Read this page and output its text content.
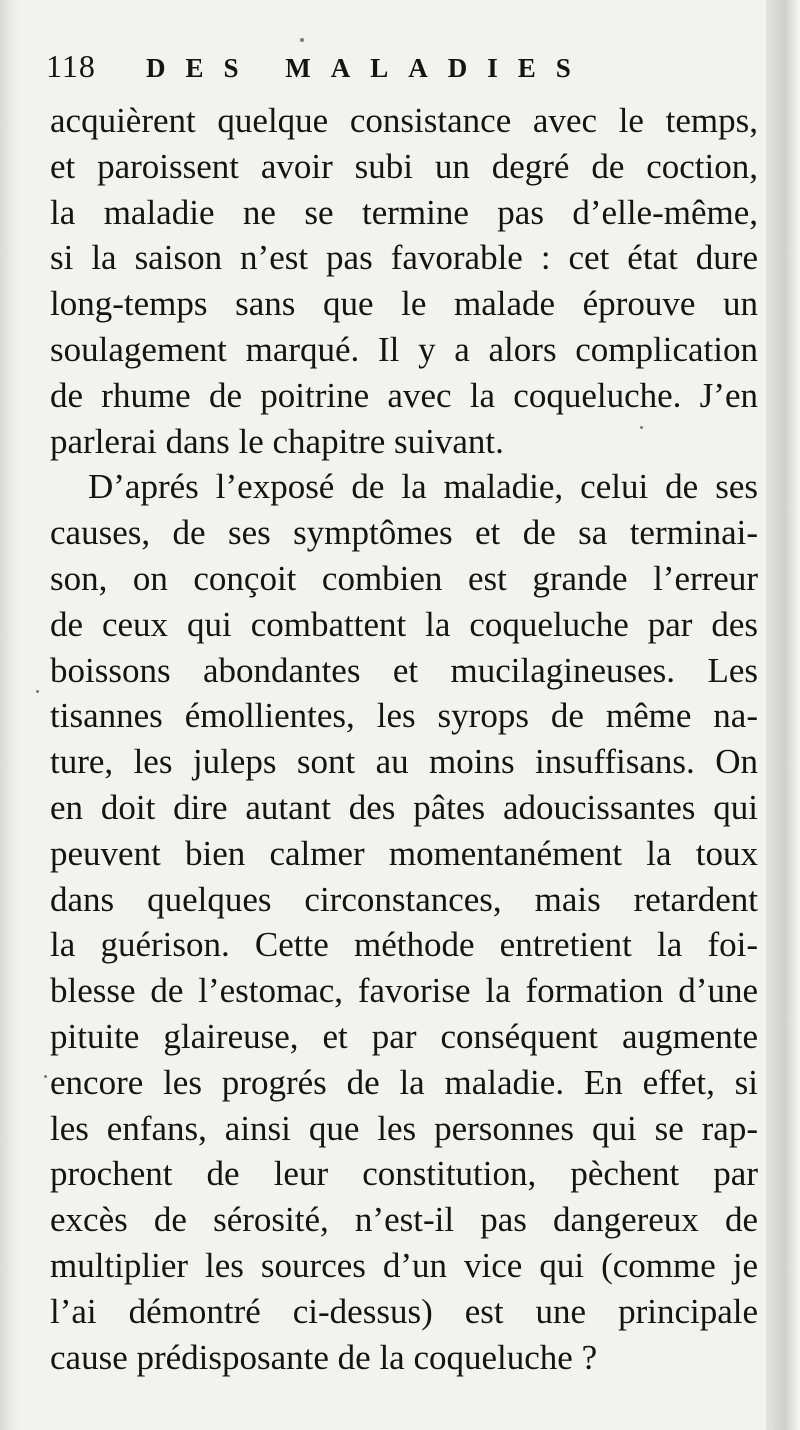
118 DES MALADIES
acquièrent quelque consistance avec le temps,
et paroissent avoir subi un degré de coction,
la maladie ne se termine pas d’elle-même,
si la saison n’est pas favorable : cet état dure
long-temps sans que le malade éprouve un
soulagement marqué. Il y a alors complication
de rhume de poitrine avec la coqueluche. J’en
parlerai dans le chapitre suivant.
D’aprés l’exposé de la maladie, celui de ses
causes, de ses symptômes et de sa terminai-
son, on conçoit combien est grande l’erreur
de ceux qui combattent la coqueluche par des
boissons abondantes et mucilagineuses. Les
tisannes émollientes, les syrops de même na-
ture, les juleps sont au moins insuffisans. On
en doit dire autant des pâtes adoucissantes qui
peuvent bien calmer momentanément la toux
dans quelques circonstances, mais retardent
la guérison. Cette méthode entretient la foi-
blesse de l’estomac, favorise la formation d’une
pituite glaireuse, et par conséquent augmente
encore les progrés de la maladie. En effet, si
les enfans, ainsi que les personnes qui se rap-
prochent de leur constitution, pèchent par
excès de sérosité, n’est-il pas dangereux de
multiplier les sources d’un vice qui (comme je
l’ai démontré ci-dessus) est une principale
cause prédisposante de la coqueluche ?
